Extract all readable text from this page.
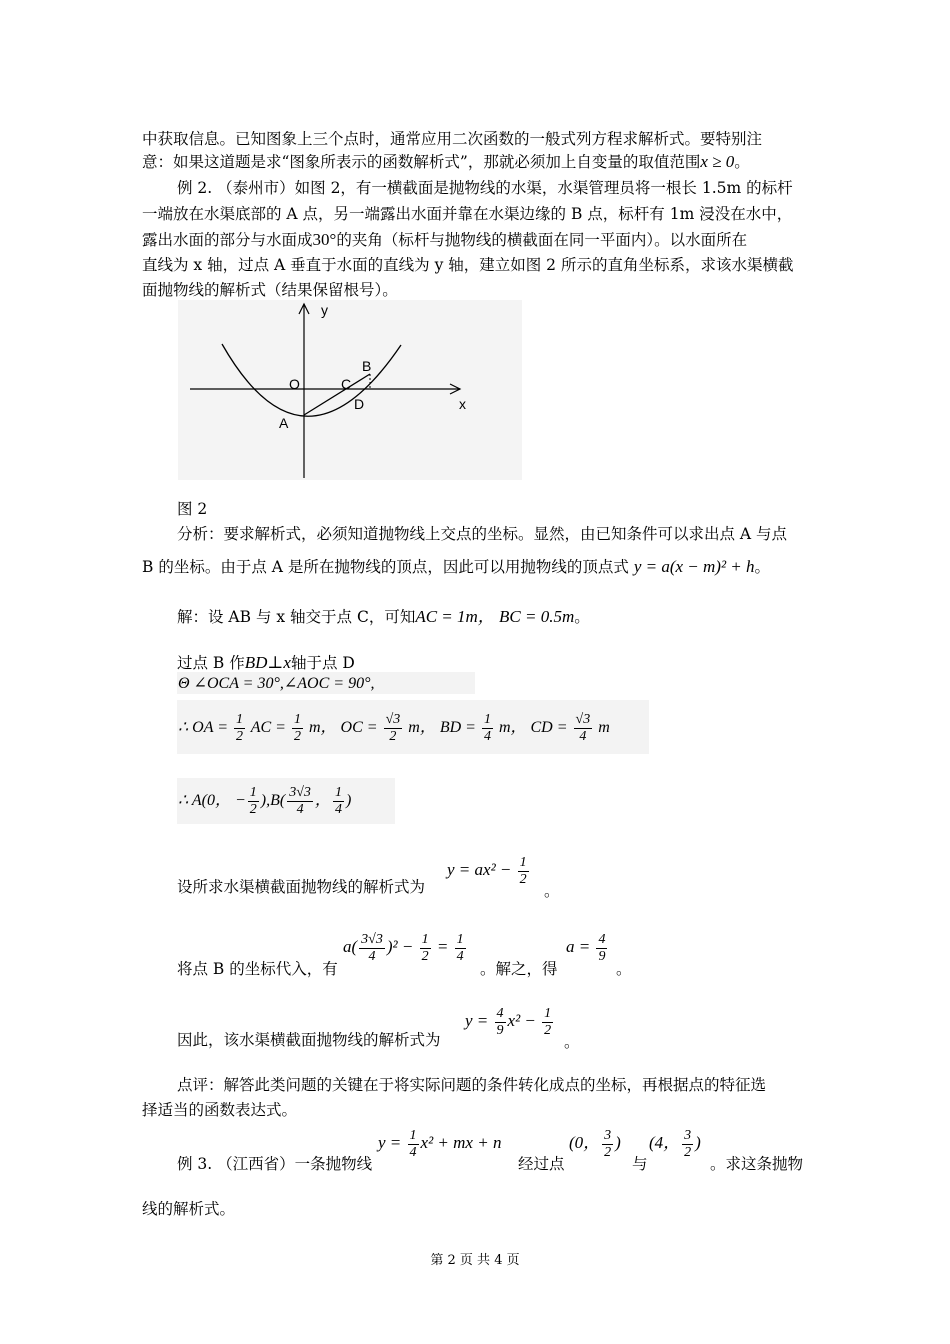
中获取信息。已知图象上三个点时，通常应用二次函数的一般式列方程求解析式。要特别注
意：如果这道题是求“图象所表示的函数解析式”，那就必须加上自变量的取值范围x ≥ 0。
例 2. （泰州市）如图 2，有一横截面是抛物线的水渠，水渠管理员将一根长 1.5m 的标杆
一端放在水渠底部的 A 点，另一端露出水面并靠在水渠边缘的 B 点，标杆有 1m 浸没在水中，
露出水面的部分与水面成30°的夹角（标杆与抛物线的横截面在同一平面内）。以水面所在
直线为 x 轴，过点 A 垂直于水面的直线为 y 轴，建立如图 2 所示的直角坐标系，求该水渠横截
面抛物线的解析式（结果保留根号）。
y
x
O	C
B
D
A
图 2
分析：要求解析式，必须知道抛物线上交点的坐标。显然，由已知条件可以求出点 A 与点
B 的坐标。由于点 A 是所在抛物线的顶点，因此可以用抛物线的顶点式 y = a(x − m)² + h。
解：设 AB 与 x 轴交于点 C，可知AC = 1m， BC = 0.5m。
过点 B 作BD⊥x轴于点 D
Θ ∠OCA = 30°,∠AOC = 90°,
∴ OA = $\frac{1}{2}$ AC = $\frac{1}{2}$ m， OC = $\frac{√3}{2}$ m， BD = $\frac{1}{4}$ m， CD = $\frac{√3}{4}$ m
∴ A(0， − $\frac{1}{2} ),B( \frac{3√3}{4}$ ， $\frac{1}{4}$ )
设所求水渠横截面抛物线的解析式为
$y = ax^2 - \frac{1}{2}$
。
将点 B 的坐标代入，有
$a( \frac{3√3}{4} )^2 - \frac{1}{2} = \frac{1}{4}$
。解之，得
$a = \frac{4}{9}$
。
因此，该水渠横截面抛物线的解析式为
$y = \frac{4}{9} x^2 - \frac{1}{2}$
。
点评：解答此类问题的关键在于将实际问题的条件转化成点的坐标，再根据点的特征选
择适当的函数表达式。
例 3. （江西省）一条抛物线
$y = \frac{1}{4} x^2$ + mx + n
经过点
(0， $\frac{3}{2}$ )
与
(4， $\frac{3}{2}$ )
。求这条抛物
线的解析式。
第 2 页 共 4 页
